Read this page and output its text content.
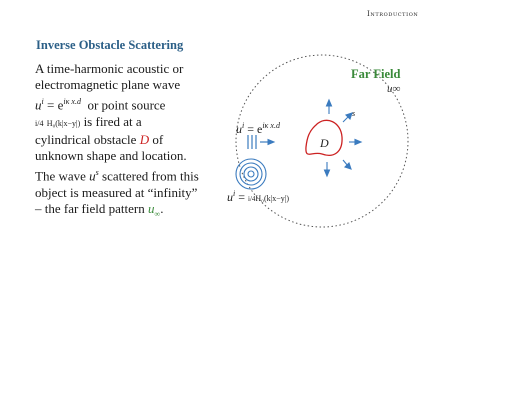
Introduction
Inverse Obstacle Scattering
A time-harmonic acoustic or
electromagnetic plane wave
$u^i = e^{i\kappa x.d}$ or point source
i/4 H₀(k|x−y|) is fired at a
cylindrical obstacle D of
unknown shape and location.
The wave $u^s$ scattered from this
object is measured at “infinity”
– the far field pattern $u_\infty$.
Far Field
u∞
$u^i = e^{i\kappa x.d}$
D
$^s$
$u^i = i/4H_0(k|x-y|)$
